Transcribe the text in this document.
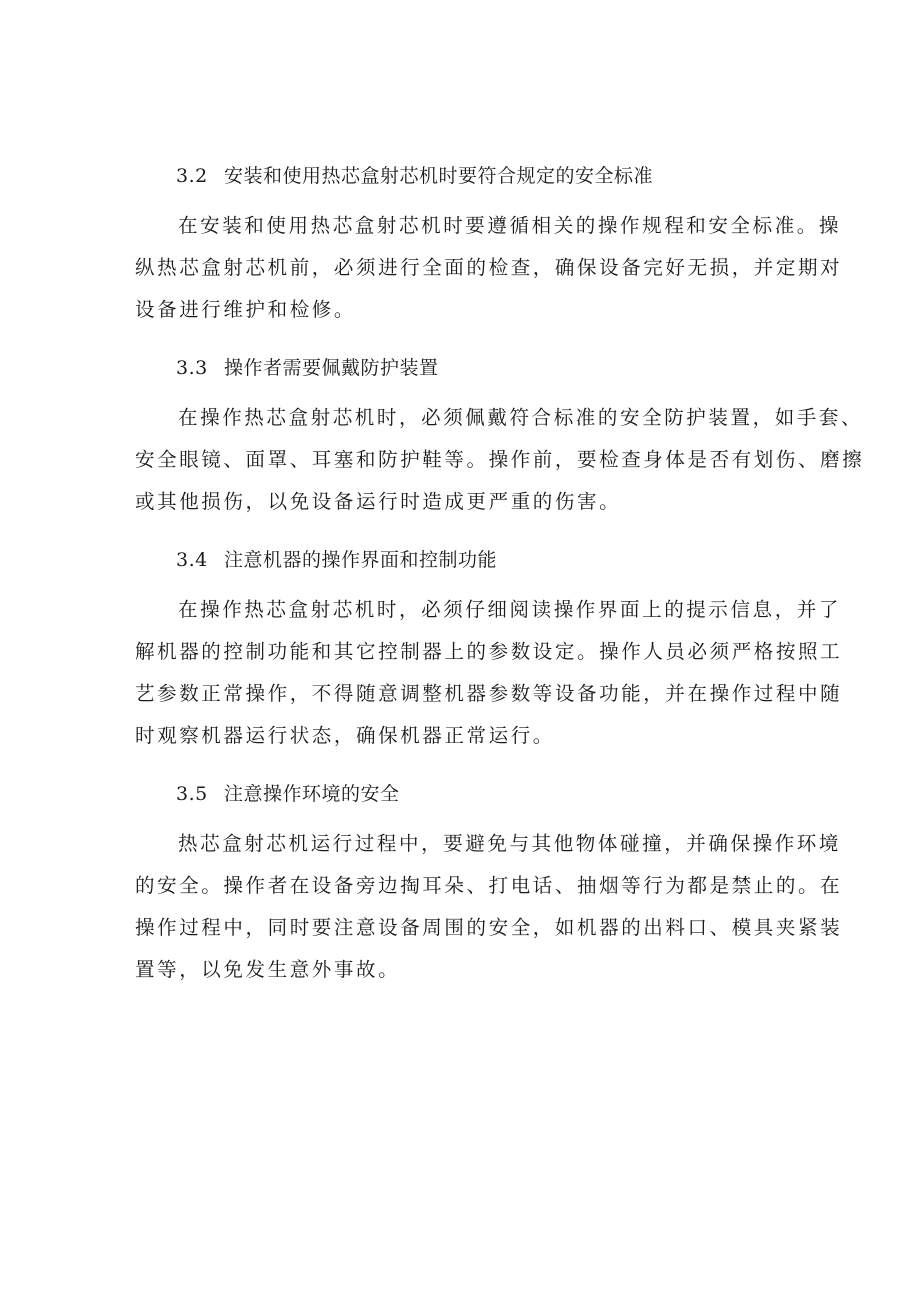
3.2 安装和使用热芯盒射芯机时要符合规定的安全标准
在安装和使用热芯盒射芯机时要遵循相关的操作规程和安全标准。操
纵热芯盒射芯机前，必须进行全面的检查，确保设备完好无损，并定期对
设备进行维护和检修。
3.3 操作者需要佩戴防护装置
在操作热芯盒射芯机时，必须佩戴符合标准的安全防护装置，如手套、
安全眼镜、面罩、耳塞和防护鞋等。操作前，要检查身体是否有划伤、磨擦
或其他损伤，以免设备运行时造成更严重的伤害。
3.4 注意机器的操作界面和控制功能
在操作热芯盒射芯机时，必须仔细阅读操作界面上的提示信息，并了
解机器的控制功能和其它控制器上的参数设定。操作人员必须严格按照工
艺参数正常操作，不得随意调整机器参数等设备功能，并在操作过程中随
时观察机器运行状态，确保机器正常运行。
3.5 注意操作环境的安全
热芯盒射芯机运行过程中，要避免与其他物体碰撞，并确保操作环境
的安全。操作者在设备旁边掏耳朵、打电话、抽烟等行为都是禁止的。在
操作过程中，同时要注意设备周围的安全，如机器的出料口、模具夹紧装
置等，以免发生意外事故。
